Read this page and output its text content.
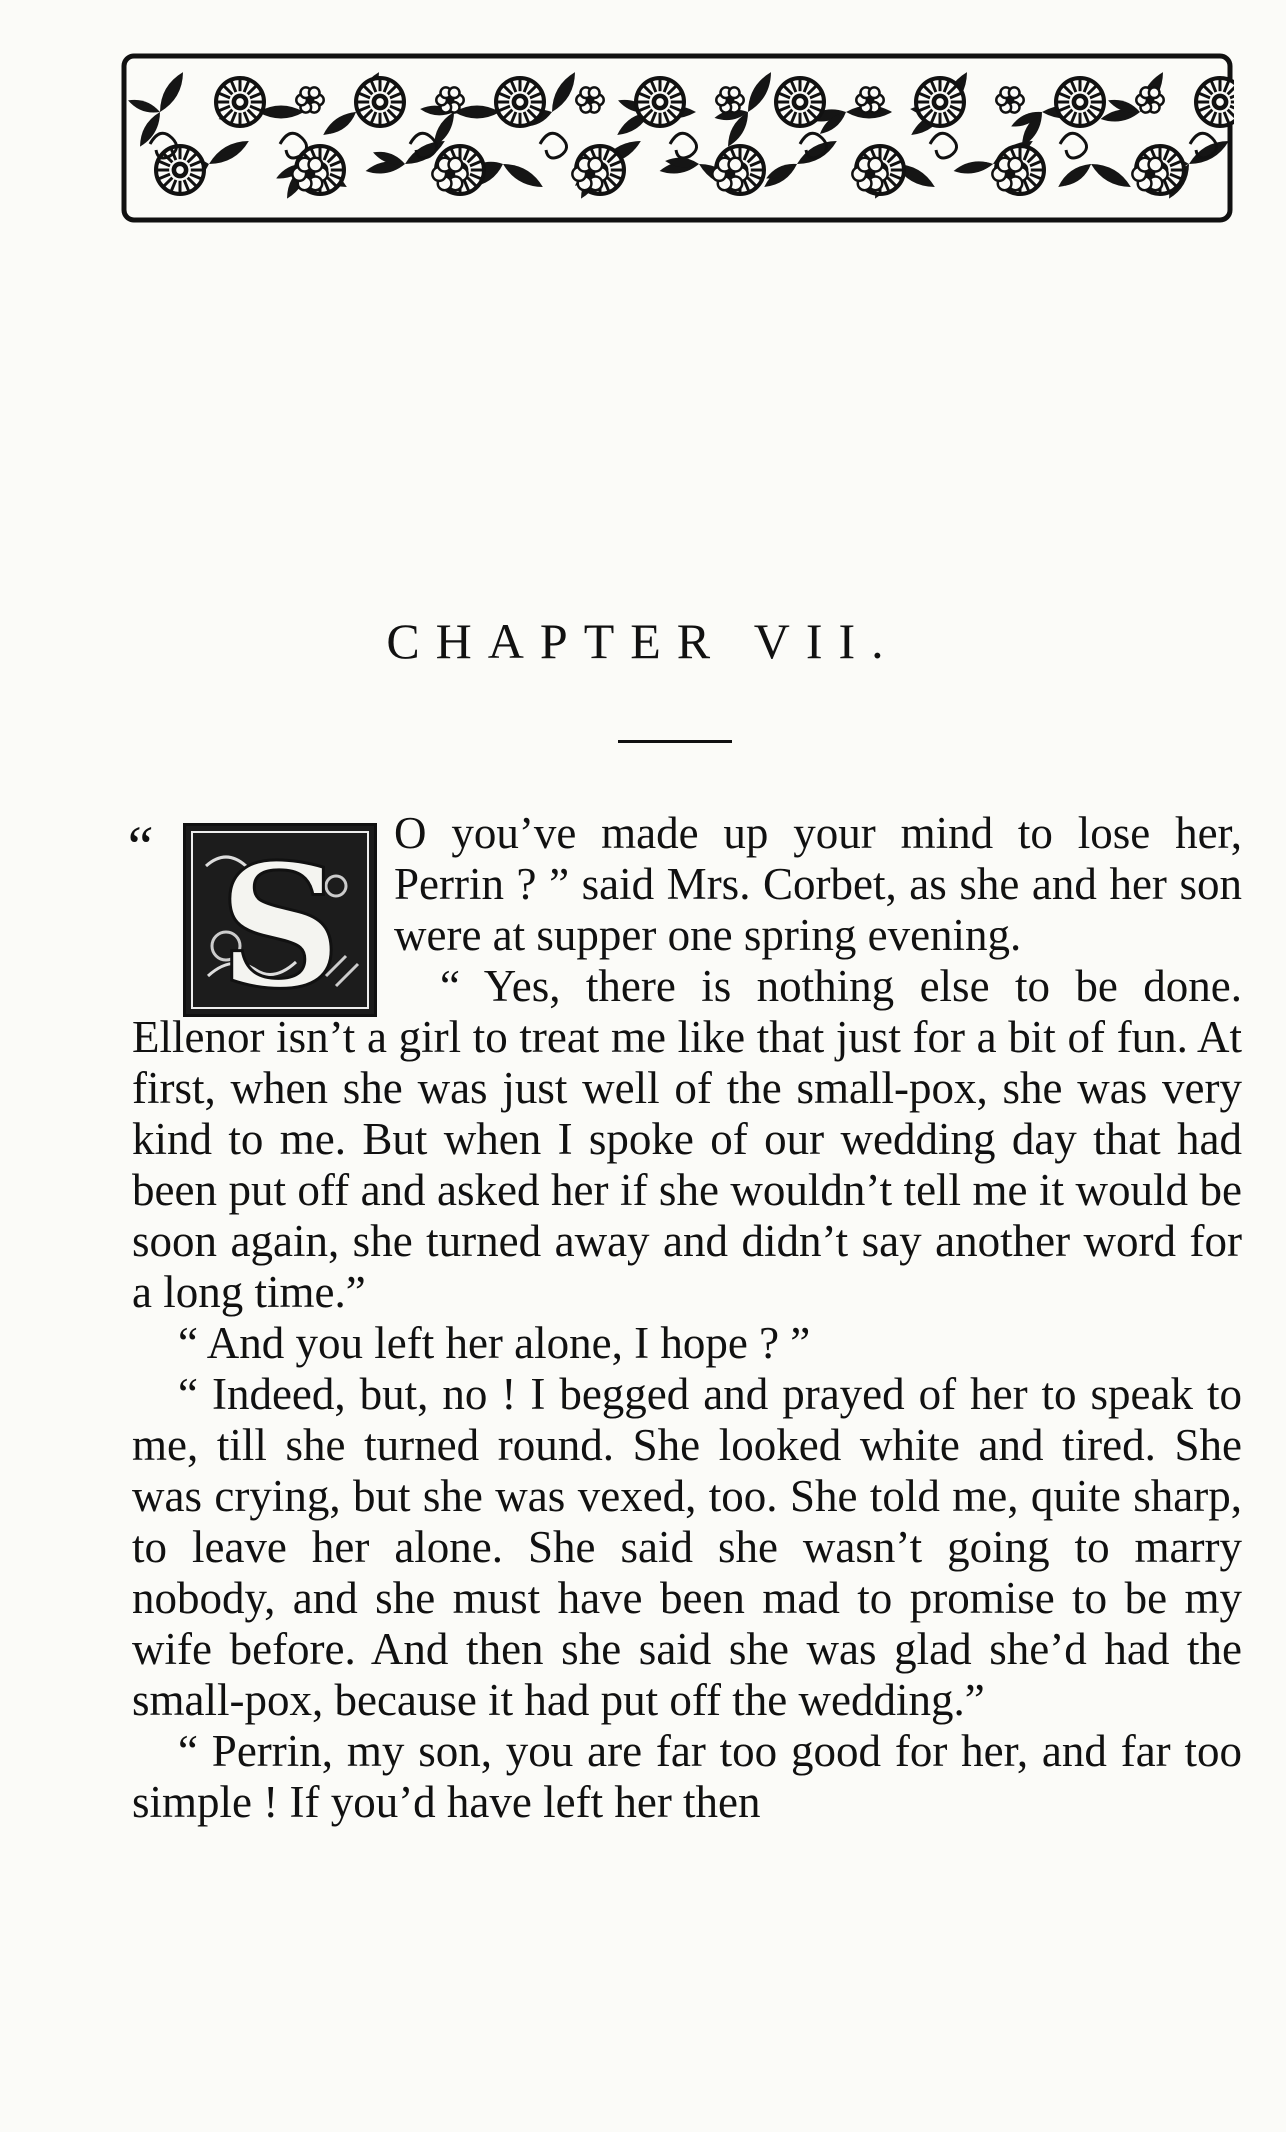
CHAPTER VII.
“ S	O you’ve made up your mind to lose her, Perrin ? ” said Mrs. Corbet, as she and her son were at supper one spring evening.

“ Yes, there is nothing else to be done. Ellenor isn’t a girl to treat me like that just for a bit of fun. At first, when she was just well of the small-pox, she was very kind to me. But when I spoke of our wedding day that had been put off and asked her if she wouldn’t tell me it would be soon again, she turned away and didn’t say another word for a long time.”

“ And you left her alone, I hope ? ”

“ Indeed, but, no ! I begged and prayed of her to speak to me, till she turned round. She looked white and tired. She was crying, but she was vexed, too. She told me, quite sharp, to leave her alone. She said she wasn’t going to marry nobody, and she must have been mad to promise to be my wife before. And then she said she was glad she’d had the small-pox, because it had put off the wedding.”

“ Perrin, my son, you are far too good for her, and far too simple ! If you’d have left her then
